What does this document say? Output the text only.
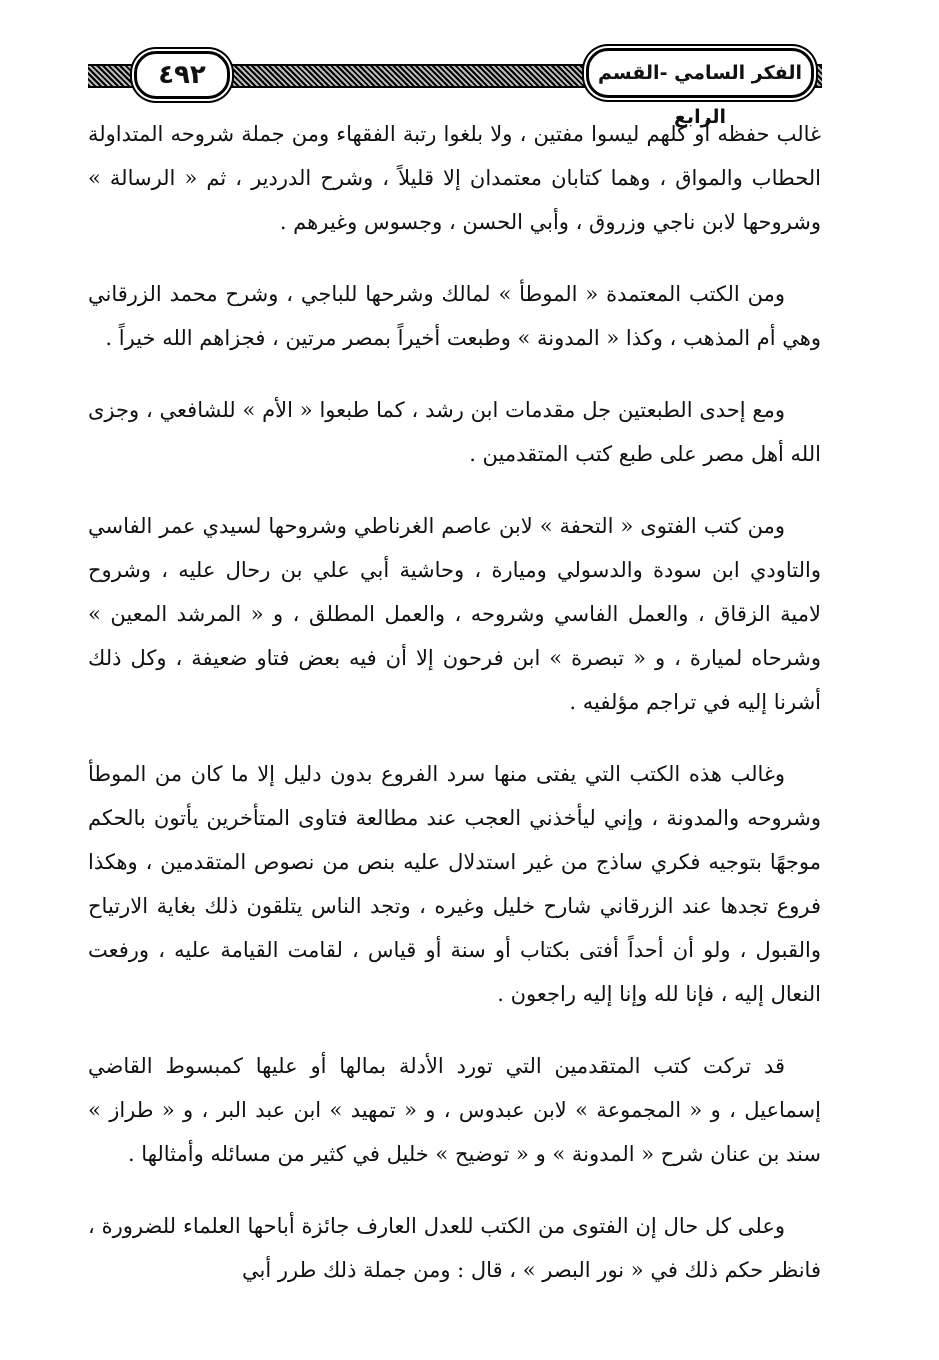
٤٩٢	الفكر السامي -القسم الرابع

غالب حفظه أو كلهم ليسوا مفتين ، ولا بلغوا رتبة الفقهاء ومن جملة شروحه المتداولة الحطاب والمواق ، وهما كتابان معتمدان إلا قليلاً ، وشرح الدردير ، ثم « الرسالة » وشروحها لابن ناجي وزروق ، وأبي الحسن ، وجسوس وغيرهم .

ومن الكتب المعتمدة « الموطأ » لمالك وشرحها للباجي ، وشرح محمد الزرقاني وهي أم المذهب ، وكذا « المدونة » وطبعت أخيراً بمصر مرتين ، فجزاهم الله خيراً .

ومع إحدى الطبعتين جل مقدمات ابن رشد ، كما طبعوا « الأم » للشافعي ، وجزى الله أهل مصر على طبع كتب المتقدمين .

ومن كتب الفتوى « التحفة » لابن عاصم الغرناطي وشروحها لسيدي عمر الفاسي والتاودي ابن سودة والدسولي وميارة ، وحاشية أبي علي بن رحال عليه ، وشروح لامية الزقاق ، والعمل الفاسي وشروحه ، والعمل المطلق ، و « المرشد المعين » وشرحاه لميارة ، و « تبصرة » ابن فرحون إلا أن فيه بعض فتاو ضعيفة ، وكل ذلك أشرنا إليه في تراجم مؤلفيه .

وغالب هذه الكتب التي يفتى منها سرد الفروع بدون دليل إلا ما كان من الموطأ وشروحه والمدونة ، وإني ليأخذني العجب عند مطالعة فتاوى المتأخرين يأتون بالحكم موجهًا بتوجيه فكري ساذج من غير استدلال عليه بنص من نصوص المتقدمين ، وهكذا فروع تجدها عند الزرقاني شارح خليل وغيره ، وتجد الناس يتلقون ذلك بغاية الارتياح والقبول ، ولو أن أحداً أفتى بكتاب أو سنة أو قياس ، لقامت القيامة عليه ، ورفعت النعال إليه ، فإنا لله وإنا إليه راجعون .

قد تركت كتب المتقدمين التي تورد الأدلة بمالها أو عليها كمبسوط القاضي إسماعيل ، و « المجموعة » لابن عبدوس ، و « تمهيد » ابن عبد البر ، و « طراز » سند بن عنان شرح « المدونة » و « توضيح » خليل في كثير من مسائله وأمثالها .

وعلى كل حال إن الفتوى من الكتب للعدل العارف جائزة أباحها العلماء للضرورة ، فانظر حكم ذلك في « نور البصر » ، قال : ومن جملة ذلك طرر أبي
